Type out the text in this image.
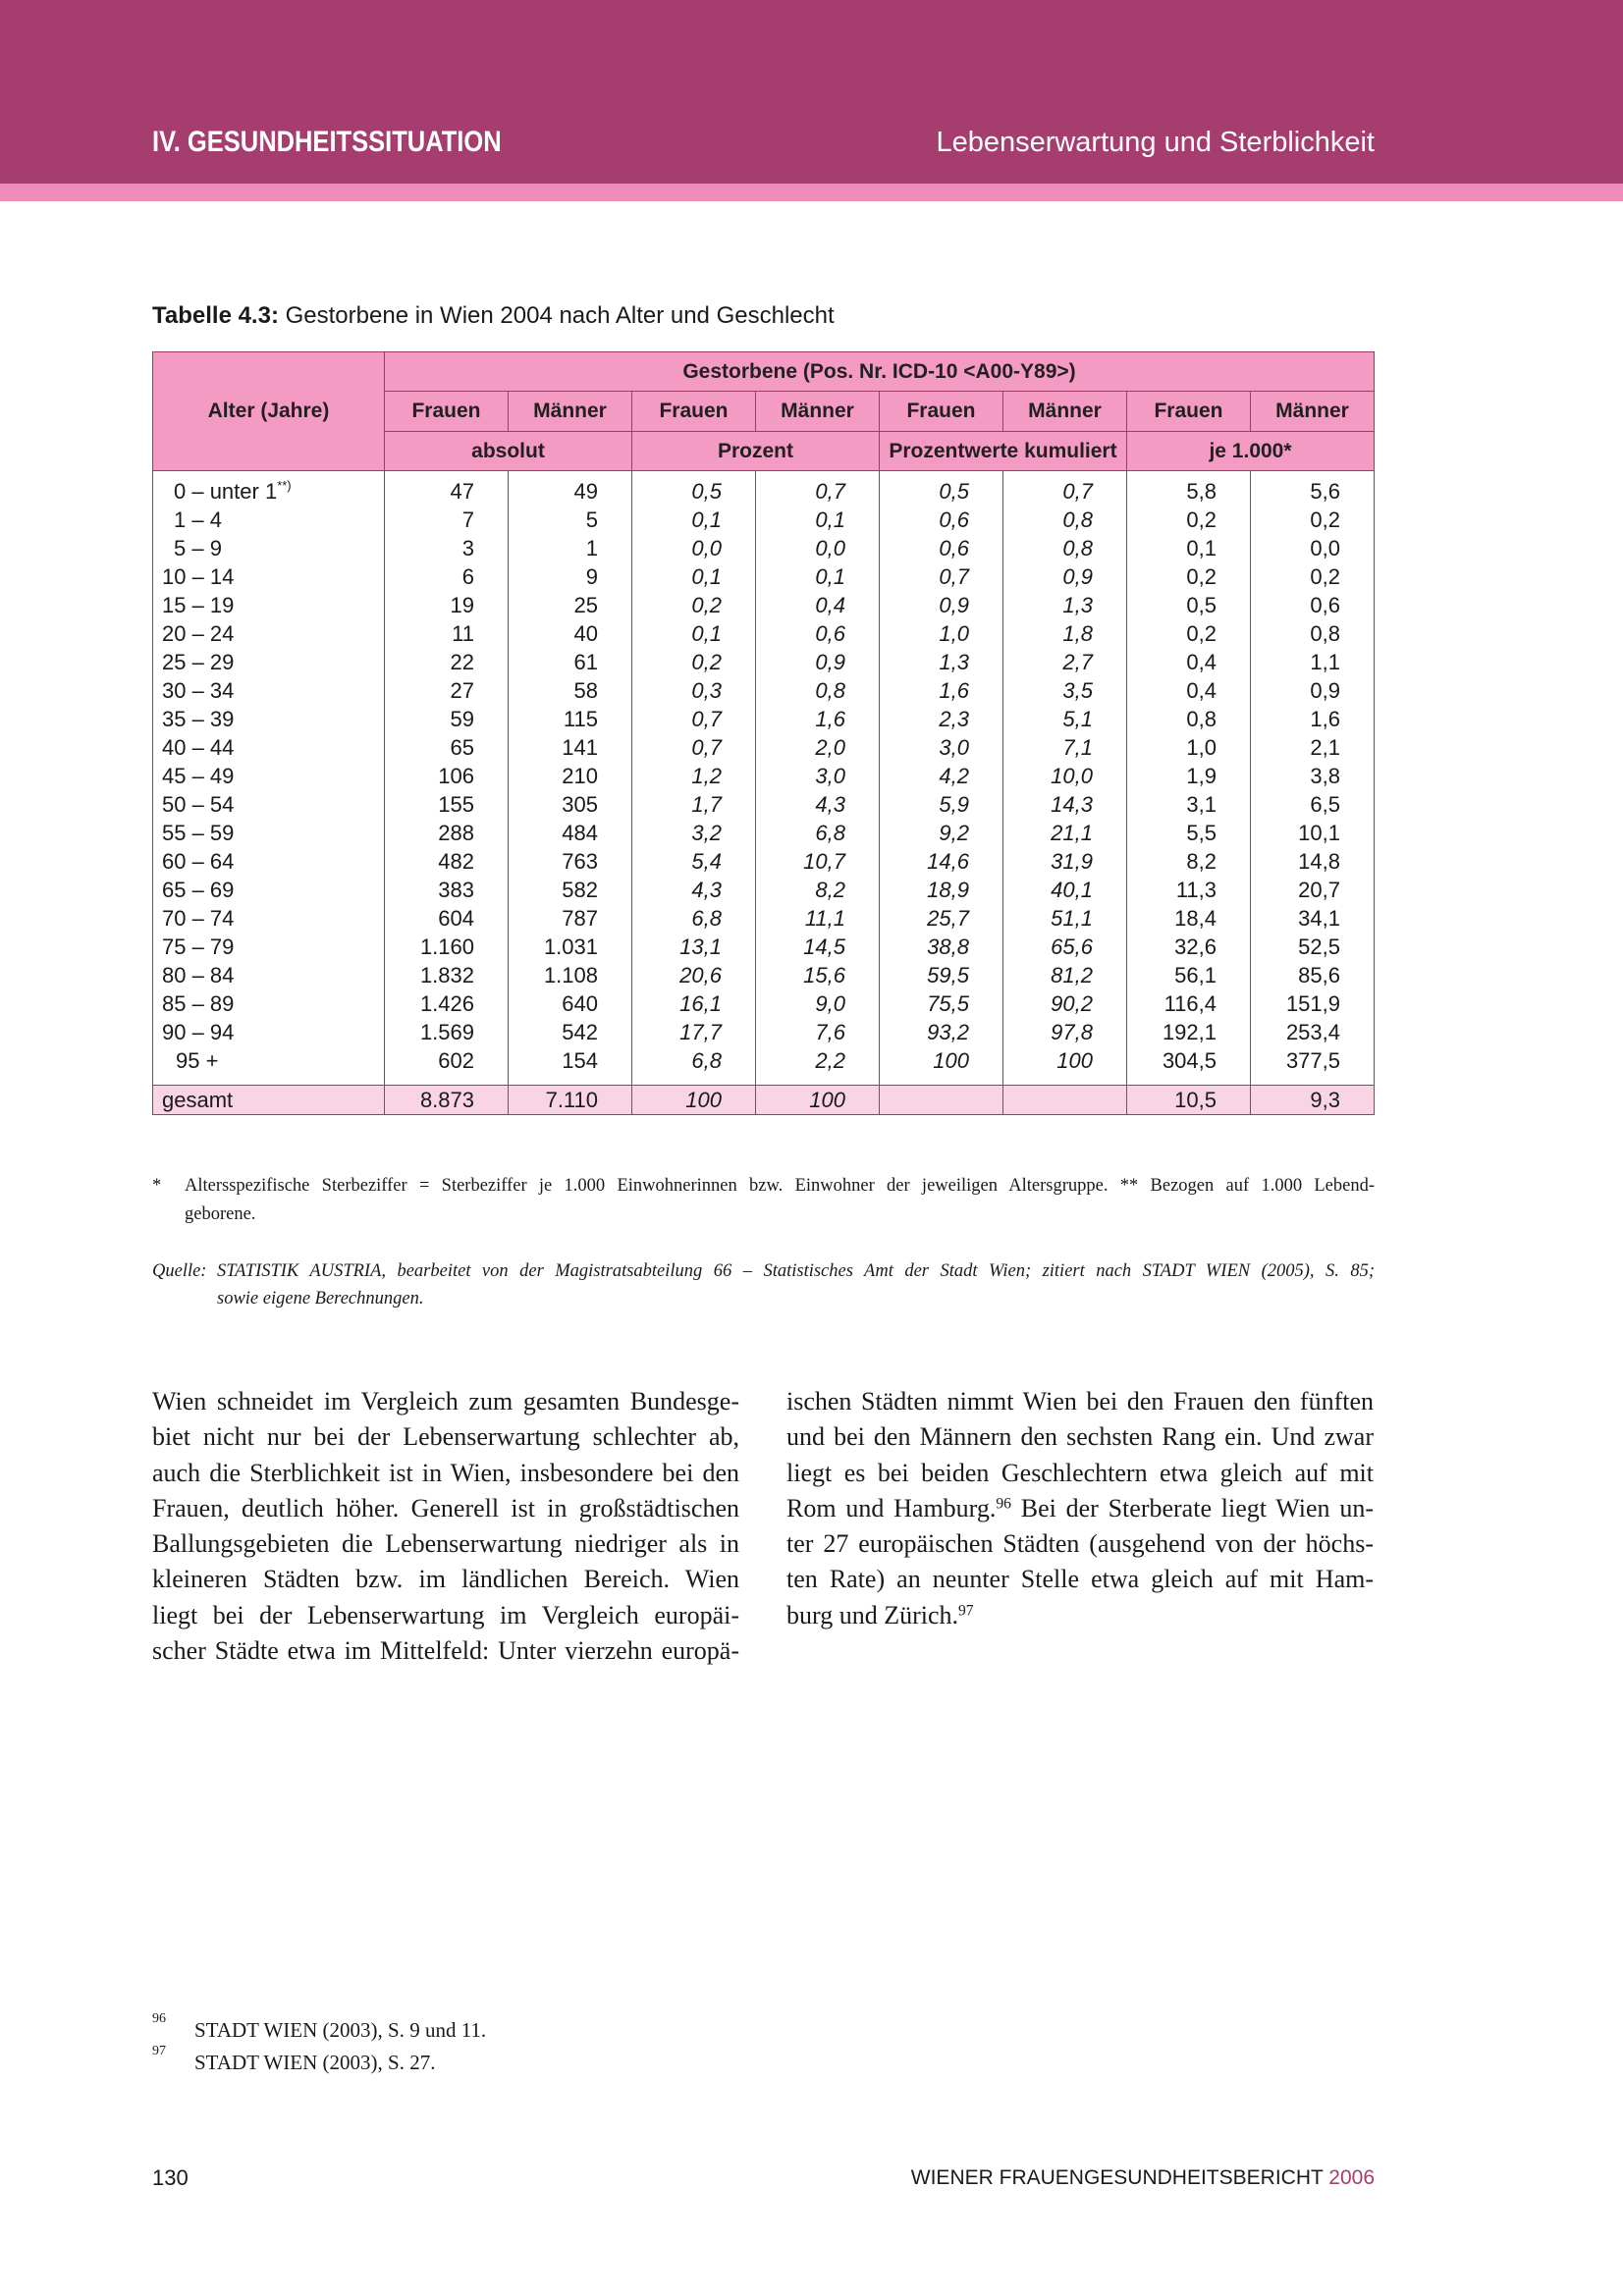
IV. GESUNDHEITSSITUATION	Lebenserwartung und Sterblichkeit
Tabelle 4.3: Gestorbene in Wien 2004 nach Alter und Geschlecht
Alter (Jahre)	Gestorbene (Pos. Nr. ICD-10 <A00-Y89>)							
	Frauen	Männer	Frauen	Männer	Frauen	Männer	Frauen	Männer
	absolut		Prozent		Prozentwerte kumuliert		je 1.000*	
0 – unter 1**)	47	49	0,5	0,7	0,5	0,7	5,8	5,6
1 – 4	7	5	0,1	0,1	0,6	0,8	0,2	0,2
5 – 9	3	1	0,0	0,0	0,6	0,8	0,1	0,0
10 – 14	6	9	0,1	0,1	0,7	0,9	0,2	0,2
15 – 19	19	25	0,2	0,4	0,9	1,3	0,5	0,6
20 – 24	11	40	0,1	0,6	1,0	1,8	0,2	0,8
25 – 29	22	61	0,2	0,9	1,3	2,7	0,4	1,1
30 – 34	27	58	0,3	0,8	1,6	3,5	0,4	0,9
35 – 39	59	115	0,7	1,6	2,3	5,1	0,8	1,6
40 – 44	65	141	0,7	2,0	3,0	7,1	1,0	2,1
45 – 49	106	210	1,2	3,0	4,2	10,0	1,9	3,8
50 – 54	155	305	1,7	4,3	5,9	14,3	3,1	6,5
55 – 59	288	484	3,2	6,8	9,2	21,1	5,5	10,1
60 – 64	482	763	5,4	10,7	14,6	31,9	8,2	14,8
65 – 69	383	582	4,3	8,2	18,9	40,1	11,3	20,7
70 – 74	604	787	6,8	11,1	25,7	51,1	18,4	34,1
75 – 79	1.160	1.031	13,1	14,5	38,8	65,6	32,6	52,5
80 – 84	1.832	1.108	20,6	15,6	59,5	81,2	56,1	85,6
85 – 89	1.426	640	16,1	9,0	75,5	90,2	116,4	151,9
90 – 94	1.569	542	17,7	7,6	93,2	97,8	192,1	253,4
95 +	602	154	6,8	2,2	100	100	304,5	377,5
gesamt	8.873	7.110	100	100			10,5	9,3
* Altersspezifische Sterbeziffer = Sterbeziffer je 1.000 Einwohnerinnen bzw. Einwohner der jeweiligen Altersgruppe. ** Bezogen auf 1.000 Lebend-
geborene.
Quelle: STATISTIK AUSTRIA, bearbeitet von der Magistratsabteilung 66 – Statistisches Amt der Stadt Wien; zitiert nach STADT WIEN (2005), S. 85;
sowie eigene Berechnungen.
Wien schneidet im Vergleich zum gesamten Bundesge-
biet nicht nur bei der Lebenserwartung schlechter ab,
auch die Sterblichkeit ist in Wien, insbesondere bei den
Frauen, deutlich höher. Generell ist in großstädtischen
Ballungsgebieten die Lebenserwartung niedriger als in
kleineren Städten bzw. im ländlichen Bereich. Wien
liegt bei der Lebenserwartung im Vergleich europäi-
scher Städte etwa im Mittelfeld: Unter vierzehn europä-
ischen Städten nimmt Wien bei den Frauen den fünften
und bei den Männern den sechsten Rang ein. Und zwar
liegt es bei beiden Geschlechtern etwa gleich auf mit
Rom und Hamburg.$^{96}$ Bei der Sterberate liegt Wien un-
ter 27 europäischen Städten (ausgehend von der höchs-
ten Rate) an neunter Stelle etwa gleich auf mit Ham-
burg und Zürich.$^{97}$
96 STADT WIEN (2003), S. 9 und 11.
97 STADT WIEN (2003), S. 27.
130	WIENER FRAUENGESUNDHEITSBERICHT 2006
